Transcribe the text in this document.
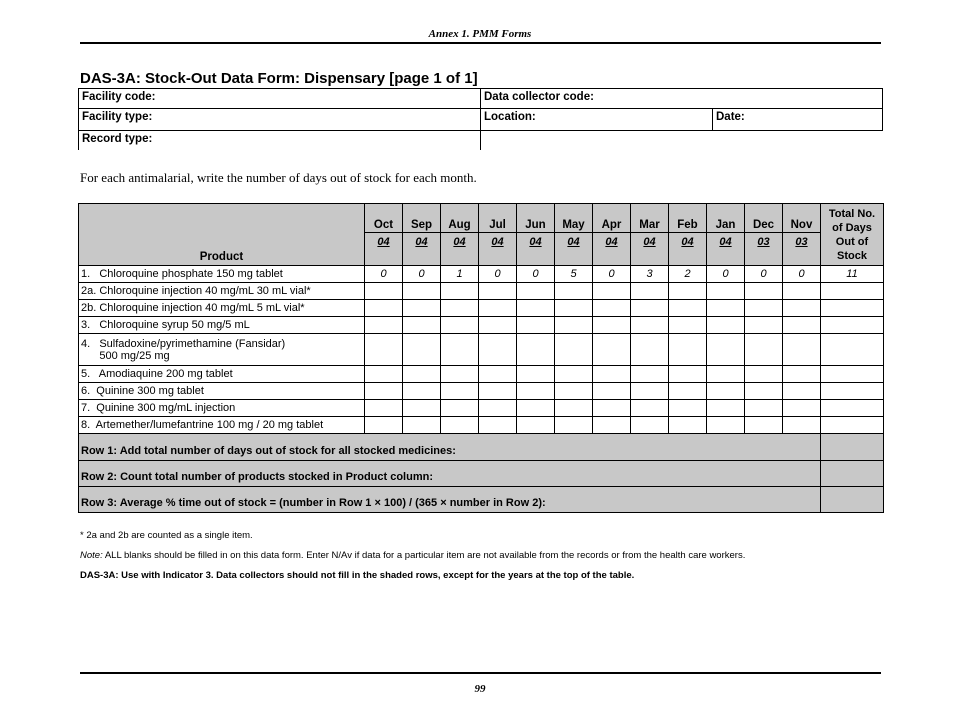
Annex 1. PMM Forms
DAS-3A: Stock-Out Data Form: Dispensary [page 1 of 1]
Facility code:	Data collector code:
Facility type:	Location:	Date:
Record type:
For each antimalarial, write the number of days out of stock for each month.
Product	Oct	Sep	Aug	Jul	Jun	May	Apr	Mar	Feb	Jan	Dec	Nov	Total No. of Days Out of Stock
	04	04	04	04	04	04	04	04	04	04	03	03	

1.   Chloroquine phosphate 150 mg tablet	0	0	1	0	0	5	0	3	2	0	0	0	11

2a. Chloroquine injection 40 mg/mL 30 mL vial*													

2b. Chloroquine injection 40 mg/mL 5 mL vial*													

3.   Chloroquine syrup 50 mg/5 mL													

4.   Sulfadoxine/pyrimethamine (Fansidar)
500 mg/25 mg													

5.   Amodiaquine 200 mg tablet													

6.  Quinine 300 mg tablet													

7.  Quinine 300 mg/mL injection													

8.  Artemether/lumefantrine 100 mg / 20 mg tablet													

Row 1: Add total number of days out of stock for all stocked medicines:													
Row 2: Count total number of products stocked in Product column:													
Row 3: Average % time out of stock = (number in Row 1 × 100) / (365 × number in Row 2):													
* 2a and 2b are counted as a single item.
Note: ALL blanks should be filled in on this data form. Enter N/Av if data for a particular item are not available from the records or from the health care workers.
DAS-3A: Use with Indicator 3. Data collectors should not fill in the shaded rows, except for the years at the top of the table.
99
